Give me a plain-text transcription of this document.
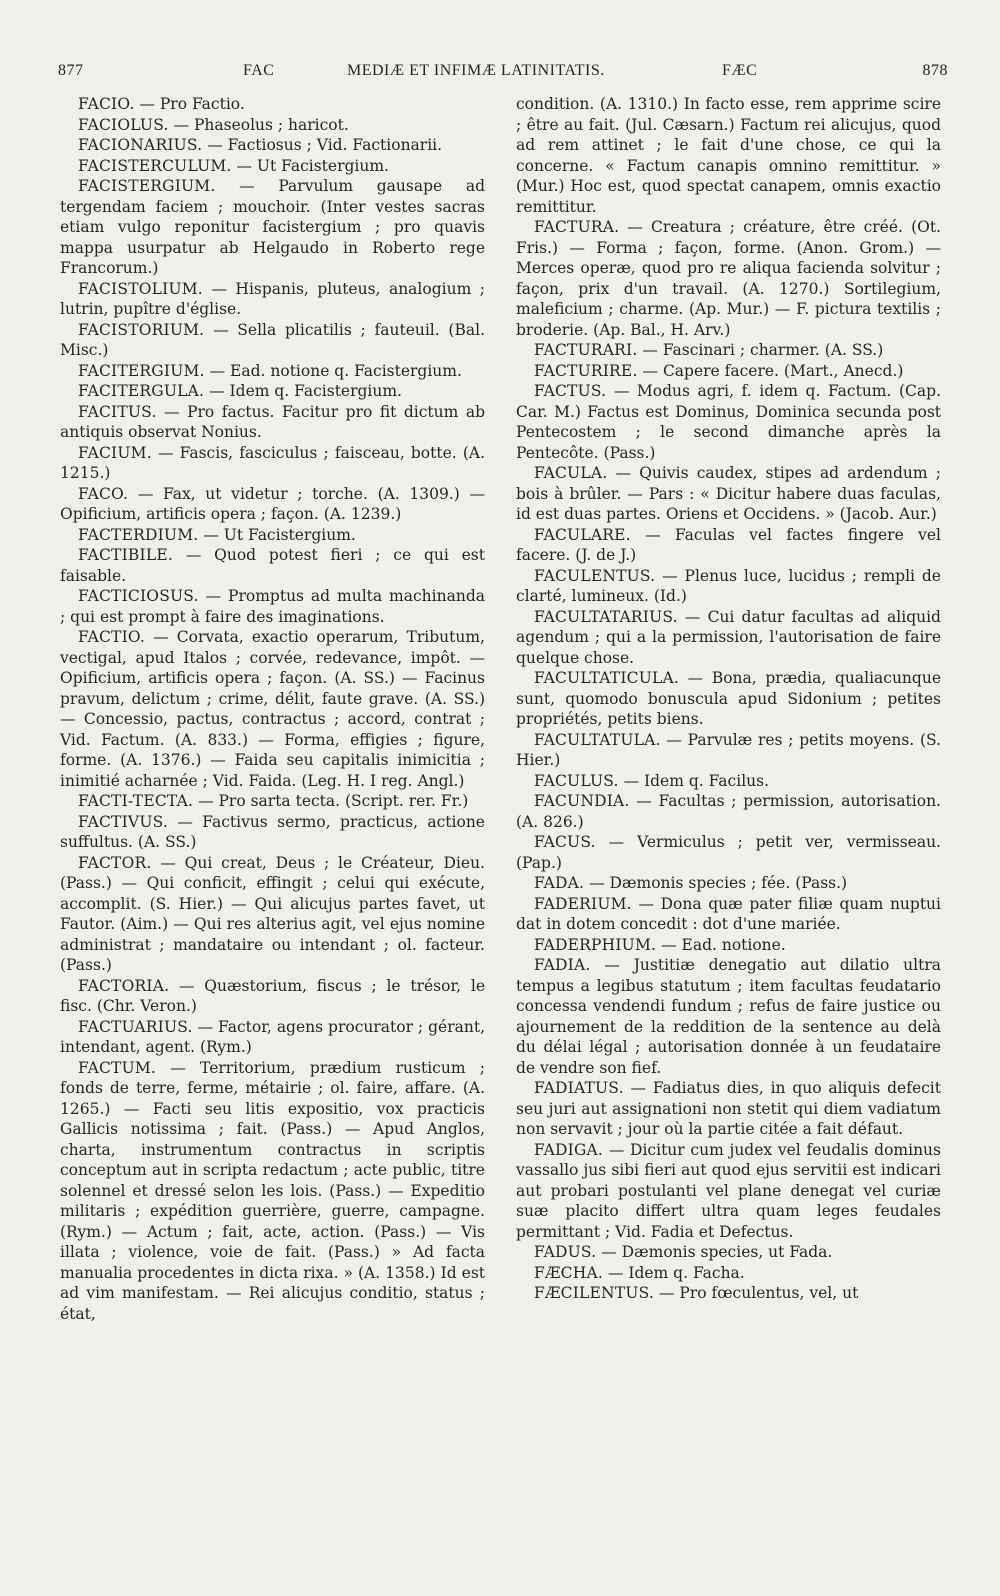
877	FAC	MEDIÆ ET INFIMÆ LATINITATIS.	FÆC	878

FACIO. — Pro Factio.

FACIOLUS. — Phaseolus ; haricot.

FACIONARIUS. — Factiosus ; Vid. Factionarii.

FACISTERCULUM. — Ut Facistergium.

FACISTERGIUM. — Parvulum gausape ad tergendam faciem ; mouchoir. (Inter vestes sacras etiam vulgo reponitur facistergium ; pro quavis mappa usurpatur ab Helgaudo in Roberto rege Francorum.)

FACISTOLIUM. — Hispanis, pluteus, analogium ; lutrin, pupître d'église.

FACISTORIUM. — Sella plicatilis ; fauteuil. (Bal. Misc.)

FACITERGIUM. — Ead. notione q. Facistergium.

FACITERGULA. — Idem q. Facistergium.

FACITUS. — Pro factus. Facitur pro fit dictum ab antiquis observat Nonius.

FACIUM. — Fascis, fasciculus ; faisceau, botte. (A. 1215.)

FACO. — Fax, ut videtur ; torche. (A. 1309.) — Opificium, artificis opera ; façon. (A. 1239.)

FACTERDIUM. — Ut Facistergium.

FACTIBILE. — Quod potest fieri ; ce qui est faisable.

FACTICIOSUS. — Promptus ad multa machinanda ; qui est prompt à faire des imaginations.

FACTIO. — Corvata, exactio operarum, Tributum, vectigal, apud Italos ; corvée, redevance, impôt. — Opificium, artificis opera ; façon. (A. SS.) — Facinus pravum, delictum ; crime, délit, faute grave. (A. SS.) — Concessio, pactus, contractus ; accord, contrat ; Vid. Factum. (A. 833.) — Forma, effigies ; figure, forme. (A. 1376.) — Faida seu capitalis inimicitia ; inimitié acharnée ; Vid. Faida. (Leg. H. I reg. Angl.)

FACTI-TECTA. — Pro sarta tecta. (Script. rer. Fr.)

FACTIVUS. — Factivus sermo, practicus, actione suffultus. (A. SS.)

FACTOR. — Qui creat, Deus ; le Créateur, Dieu. (Pass.) — Qui conficit, effingit ; celui qui exécute, accomplit. (S. Hier.) — Qui alicujus partes favet, ut Fautor. (Aim.) — Qui res alterius agit, vel ejus nomine administrat ; mandataire ou intendant ; ol. facteur. (Pass.)

FACTORIA. — Quæstorium, fiscus ; le trésor, le fisc. (Chr. Veron.)

FACTUARIUS. — Factor, agens procurator ; gérant, intendant, agent. (Rym.)

FACTUM. — Territorium, prædium rusticum ; fonds de terre, ferme, métairie ; ol. faire, affare. (A. 1265.) — Facti seu litis expositio, vox practicis Gallicis notissima ; fait. (Pass.) — Apud Anglos, charta, instrumentum contractus in scriptis conceptum aut in scripta redactum ; acte public, titre solennel et dressé selon les lois. (Pass.) — Expeditio militaris ; expédition guerrière, guerre, campagne. (Rym.) — Actum ; fait, acte, action. (Pass.) — Vis illata ; violence, voie de fait. (Pass.) » Ad facta manualia procedentes in dicta rixa. » (A. 1358.) Id est ad vim manifestam. — Rei alicujus conditio, status ; état,

condition. (A. 1310.) In facto esse, rem apprime scire ; être au fait. (Jul. Cæsarn.) Factum rei alicujus, quod ad rem attinet ; le fait d'une chose, ce qui la concerne. « Factum canapis omnino remittitur. » (Mur.) Hoc est, quod spectat canapem, omnis exactio remittitur.

FACTURA. — Creatura ; créature, être créé. (Ot. Fris.) — Forma ; façon, forme. (Anon. Grom.) — Merces operæ, quod pro re aliqua facienda solvitur ; façon, prix d'un travail. (A. 1270.) Sortilegium, maleficium ; charme. (Ap. Mur.) — F. pictura textilis ; broderie. (Ap. Bal., H. Arv.)

FACTURARI. — Fascinari ; charmer. (A. SS.)

FACTURIRE. — Capere facere. (Mart., Anecd.)

FACTUS. — Modus agri, f. idem q. Factum. (Cap. Car. M.) Factus est Dominus, Dominica secunda post Pentecostem ; le second dimanche après la Pentecôte. (Pass.)

FACULA. — Quivis caudex, stipes ad ardendum ; bois à brûler. — Pars : « Dicitur habere duas faculas, id est duas partes. Oriens et Occidens. » (Jacob. Aur.)

FACULARE. — Faculas vel factes fingere vel facere. (J. de J.)

FACULENTUS. — Plenus luce, lucidus ; rempli de clarté, lumineux. (Id.)

FACULTATARIUS. — Cui datur facultas ad aliquid agendum ; qui a la permission, l'autorisation de faire quelque chose.

FACULTATICULA. — Bona, prædia, qualiacunque sunt, quomodo bonuscula apud Sidonium ; petites propriétés, petits biens.

FACULTATULA. — Parvulæ res ; petits moyens. (S. Hier.)

FACULUS. — Idem q. Facilus.

FACUNDIA. — Facultas ; permission, autorisation. (A. 826.)

FACUS. — Vermiculus ; petit ver, vermisseau. (Pap.)

FADA. — Dæmonis species ; fée. (Pass.)

FADERIUM. — Dona quæ pater filiæ quam nuptui dat in dotem concedit : dot d'une mariée.

FADERPHIUM. — Ead. notione.

FADIA. — Justitiæ denegatio aut dilatio ultra tempus a legibus statutum ; item facultas feudatario concessa vendendi fundum ; refus de faire justice ou ajournement de la reddition de la sentence au delà du délai légal ; autorisation donnée à un feudataire de vendre son fief.

FADIATUS. — Fadiatus dies, in quo aliquis defecit seu juri aut assignationi non stetit qui diem vadiatum non servavit ; jour où la partie citée a fait défaut.

FADIGA. — Dicitur cum judex vel feudalis dominus vassallo jus sibi fieri aut quod ejus servitii est indicari aut probari postulanti vel plane denegat vel curiæ suæ placito differt ultra quam leges feudales permittant ; Vid. Fadia et Defectus.

FADUS. — Dæmonis species, ut Fada.

FÆCHA. — Idem q. Facha.

FÆCILENTUS. — Pro fœculentus, vel, ut
